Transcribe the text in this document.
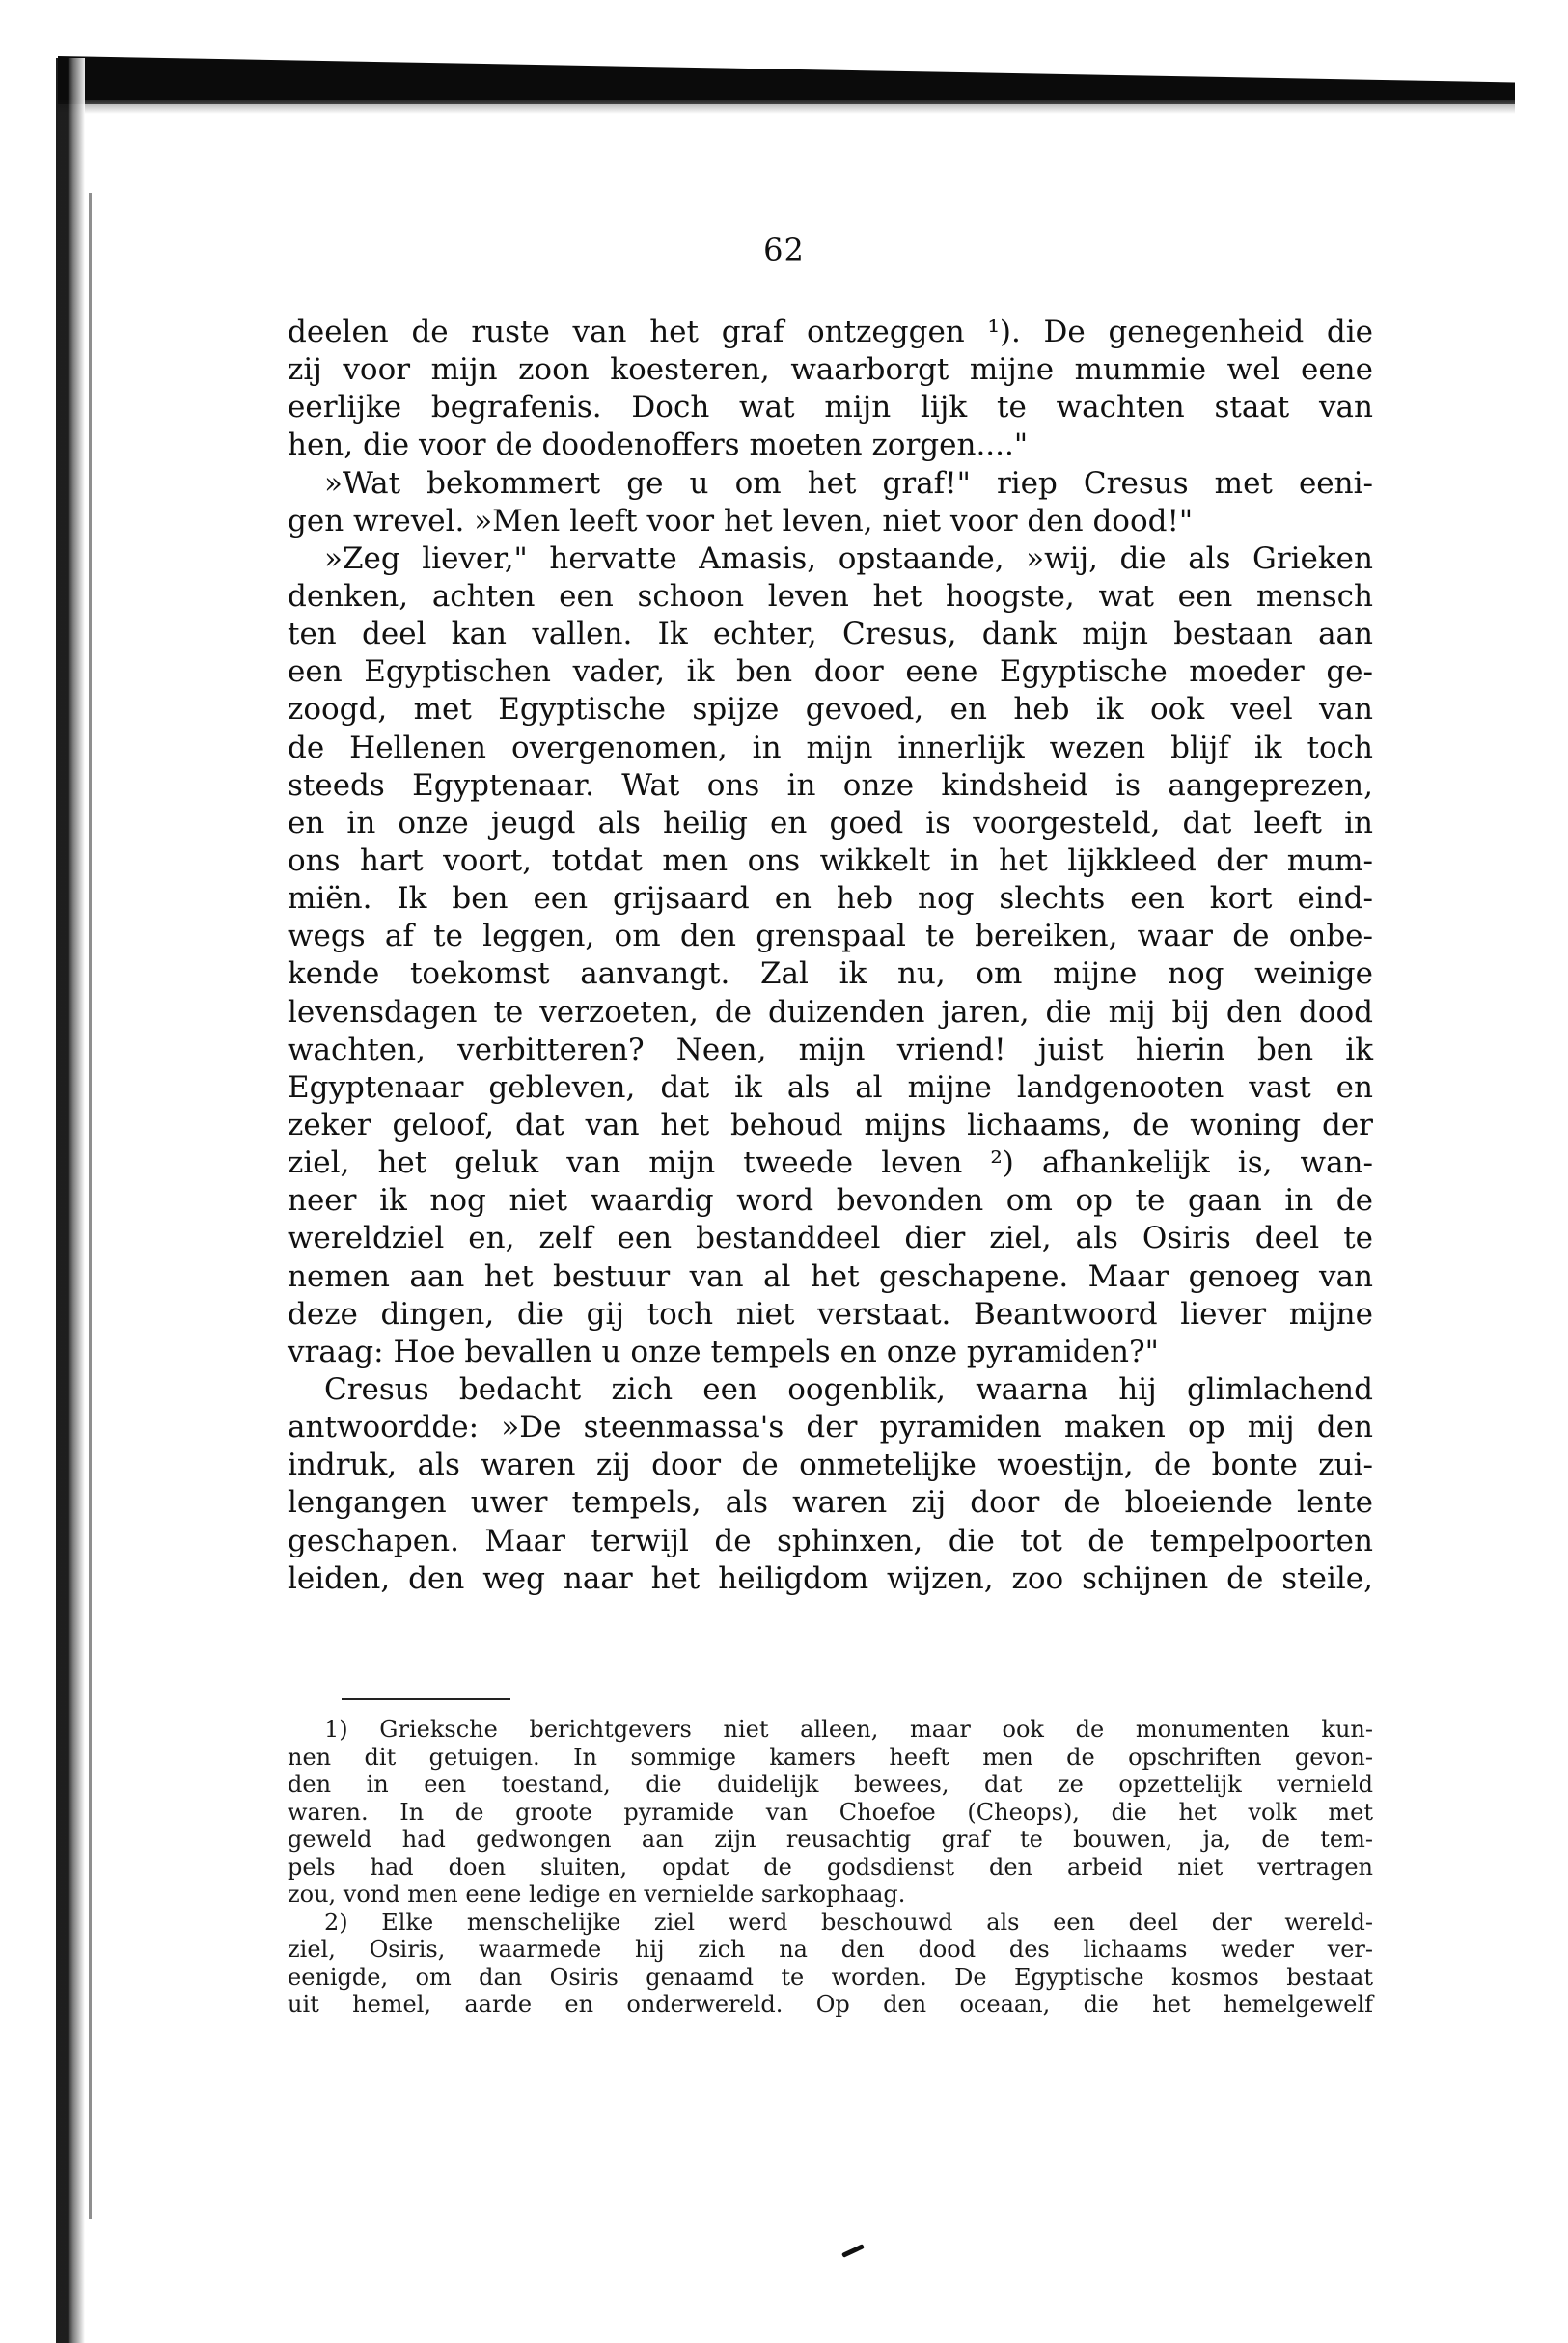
62
deelen de ruste van het graf ontzeggen ¹). De genegenheid die
zij voor mijn zoon koesteren, waarborgt mijne mummie wel eene
eerlijke begrafenis. Doch wat mijn lijk te wachten staat van
hen, die voor de doodenoffers moeten zorgen...."
»Wat bekommert ge u om het graf!" riep Cresus met eeni-
gen wrevel. »Men leeft voor het leven, niet voor den dood!"
»Zeg liever," hervatte Amasis, opstaande, »wij, die als Grieken
denken, achten een schoon leven het hoogste, wat een mensch
ten deel kan vallen. Ik echter, Cresus, dank mijn bestaan aan
een Egyptischen vader, ik ben door eene Egyptische moeder ge-
zoogd, met Egyptische spijze gevoed, en heb ik ook veel van
de Hellenen overgenomen, in mijn innerlijk wezen blijf ik toch
steeds Egyptenaar. Wat ons in onze kindsheid is aangeprezen,
en in onze jeugd als heilig en goed is voorgesteld, dat leeft in
ons hart voort, totdat men ons wikkelt in het lijkkleed der mum-
miën. Ik ben een grijsaard en heb nog slechts een kort eind-
wegs af te leggen, om den grenspaal te bereiken, waar de onbe-
kende toekomst aanvangt. Zal ik nu, om mijne nog weinige
levensdagen te verzoeten, de duizenden jaren, die mij bij den dood
wachten, verbitteren? Neen, mijn vriend! juist hierin ben ik
Egyptenaar gebleven, dat ik als al mijne landgenooten vast en
zeker geloof, dat van het behoud mijns lichaams, de woning der
ziel, het geluk van mijn tweede leven ²) afhankelijk is, wan-
neer ik nog niet waardig word bevonden om op te gaan in de
wereldziel en, zelf een bestanddeel dier ziel, als Osiris deel te
nemen aan het bestuur van al het geschapene. Maar genoeg van
deze dingen, die gij toch niet verstaat. Beantwoord liever mijne
vraag: Hoe bevallen u onze tempels en onze pyramiden?"
Cresus bedacht zich een oogenblik, waarna hij glimlachend
antwoordde: »De steenmassa's der pyramiden maken op mij den
indruk, als waren zij door de onmetelijke woestijn, de bonte zui-
lengangen uwer tempels, als waren zij door de bloeiende lente
geschapen. Maar terwijl de sphinxen, die tot de tempelpoorten
leiden, den weg naar het heiligdom wijzen, zoo schijnen de steile,
1) Grieksche berichtgevers niet alleen, maar ook de monumenten kun-
nen dit getuigen. In sommige kamers heeft men de opschriften gevon-
den in een toestand, die duidelijk bewees, dat ze opzettelijk vernield
waren. In de groote pyramide van Choefoe (Cheops), die het volk met
geweld had gedwongen aan zijn reusachtig graf te bouwen, ja, de tem-
pels had doen sluiten, opdat de godsdienst den arbeid niet vertragen
zou, vond men eene ledige en vernielde sarkophaag.
2) Elke menschelijke ziel werd beschouwd als een deel der wereld-
ziel, Osiris, waarmede hij zich na den dood des lichaams weder ver-
eenigde, om dan Osiris genaamd te worden. De Egyptische kosmos bestaat
uit hemel, aarde en onderwereld. Op den oceaan, die het hemelgewelf
